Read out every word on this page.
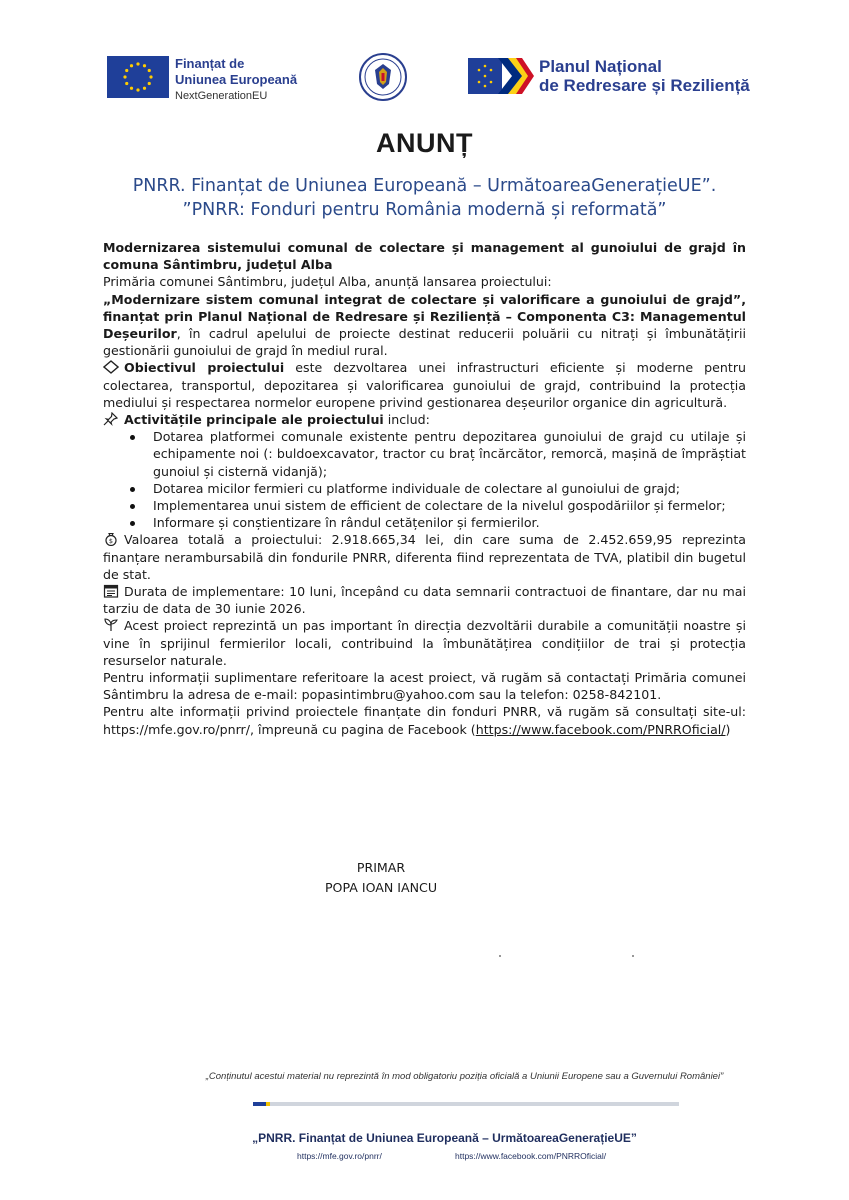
Finanțat de
Uniunea Europeană
NextGenerationEU
Planul Național
de Redresare și Reziliență
ANUNȚ
PNRR. Finanțat de Uniunea Europeană – UrmătoareaGenerațieUE”.
”PNRR: Fonduri pentru România modernă și reformată”

Modernizarea sistemului comunal de colectare și management al gunoiului de grajd în comuna Sântimbru, județul Alba

Primăria comunei Sântimbru, județul Alba, anunță lansarea proiectului:

„Modernizare sistem comunal integrat de colectare și valorificare a gunoiului de grajd”, finanțat prin Planul Național de Redresare și Reziliență – Componenta C3: Managementul Deșeurilor, în cadrul apelului de proiecte destinat reducerii poluării cu nitrați și îmbunătățirii gestionării gunoiului de grajd în mediul rural.

Obiectivul proiectului este dezvoltarea unei infrastructuri eficiente și moderne pentru colectarea, transportul, depozitarea și valorificarea gunoiului de grajd, contribuind la protecția mediului și respectarea normelor europene privind gestionarea deșeurilor organice din agricultură.

Activitățile principale ale proiectului includ:

Dotarea platformei comunale existente pentru depozitarea gunoiului de grajd cu utilaje și echipamente noi (: buldoexcavator, tractor cu braț încărcător, remorcă, mașină de împrăștiat gunoiul și cisternă vidanjă);
Dotarea micilor fermieri cu platforme individuale de colectare al gunoiului de grajd;
Implementarea unui sistem de efficient de colectare de la nivelul gospodăriilor și fermelor;
Informare și conștientizare în rândul cetățenilor și fermierilor.

$ Valoarea totală a proiectului: 2.918.665,34 lei, din care suma de 2.452.659,95 reprezinta finanțare nerambursabilă din fondurile PNRR, diferenta fiind reprezentata de TVA, platibil din bugetul de stat.

Durata de implementare: 10 luni, începând cu data semnarii contractuoi de finantare, dar nu mai tarziu de data de 30 iunie 2026.

Acest proiect reprezintă un pas important în direcția dezvoltării durabile a comunității noastre și vine în sprijinul fermierilor locali, contribuind la îmbunătățirea condițiilor de trai și protecția resurselor naturale.

Pentru informații suplimentare referitoare la acest proiect, vă rugăm să contactați Primăria comunei Sântimbru la adresa de e-mail: popasintimbru@yahoo.com sau la telefon: 0258-842101.

Pentru alte informații privind proiectele finanțate din fonduri PNRR, vă rugăm să consultați site-ul: https://mfe.gov.ro/pnrr/, împreună cu pagina de Facebook (https://www.facebook.com/PNRROficial/)

PRIMAR
POPA IOAN IANCU
„Conținutul acestui material nu reprezintă în mod obligatoriu poziția oficială a Uniunii Europene sau a Guvernului României”
„PNRR. Finanțat de Uniunea Europeană – UrmătoareaGenerațieUE”
https://mfe.gov.ro/pnrr/	https://www.facebook.com/PNRROficial/
